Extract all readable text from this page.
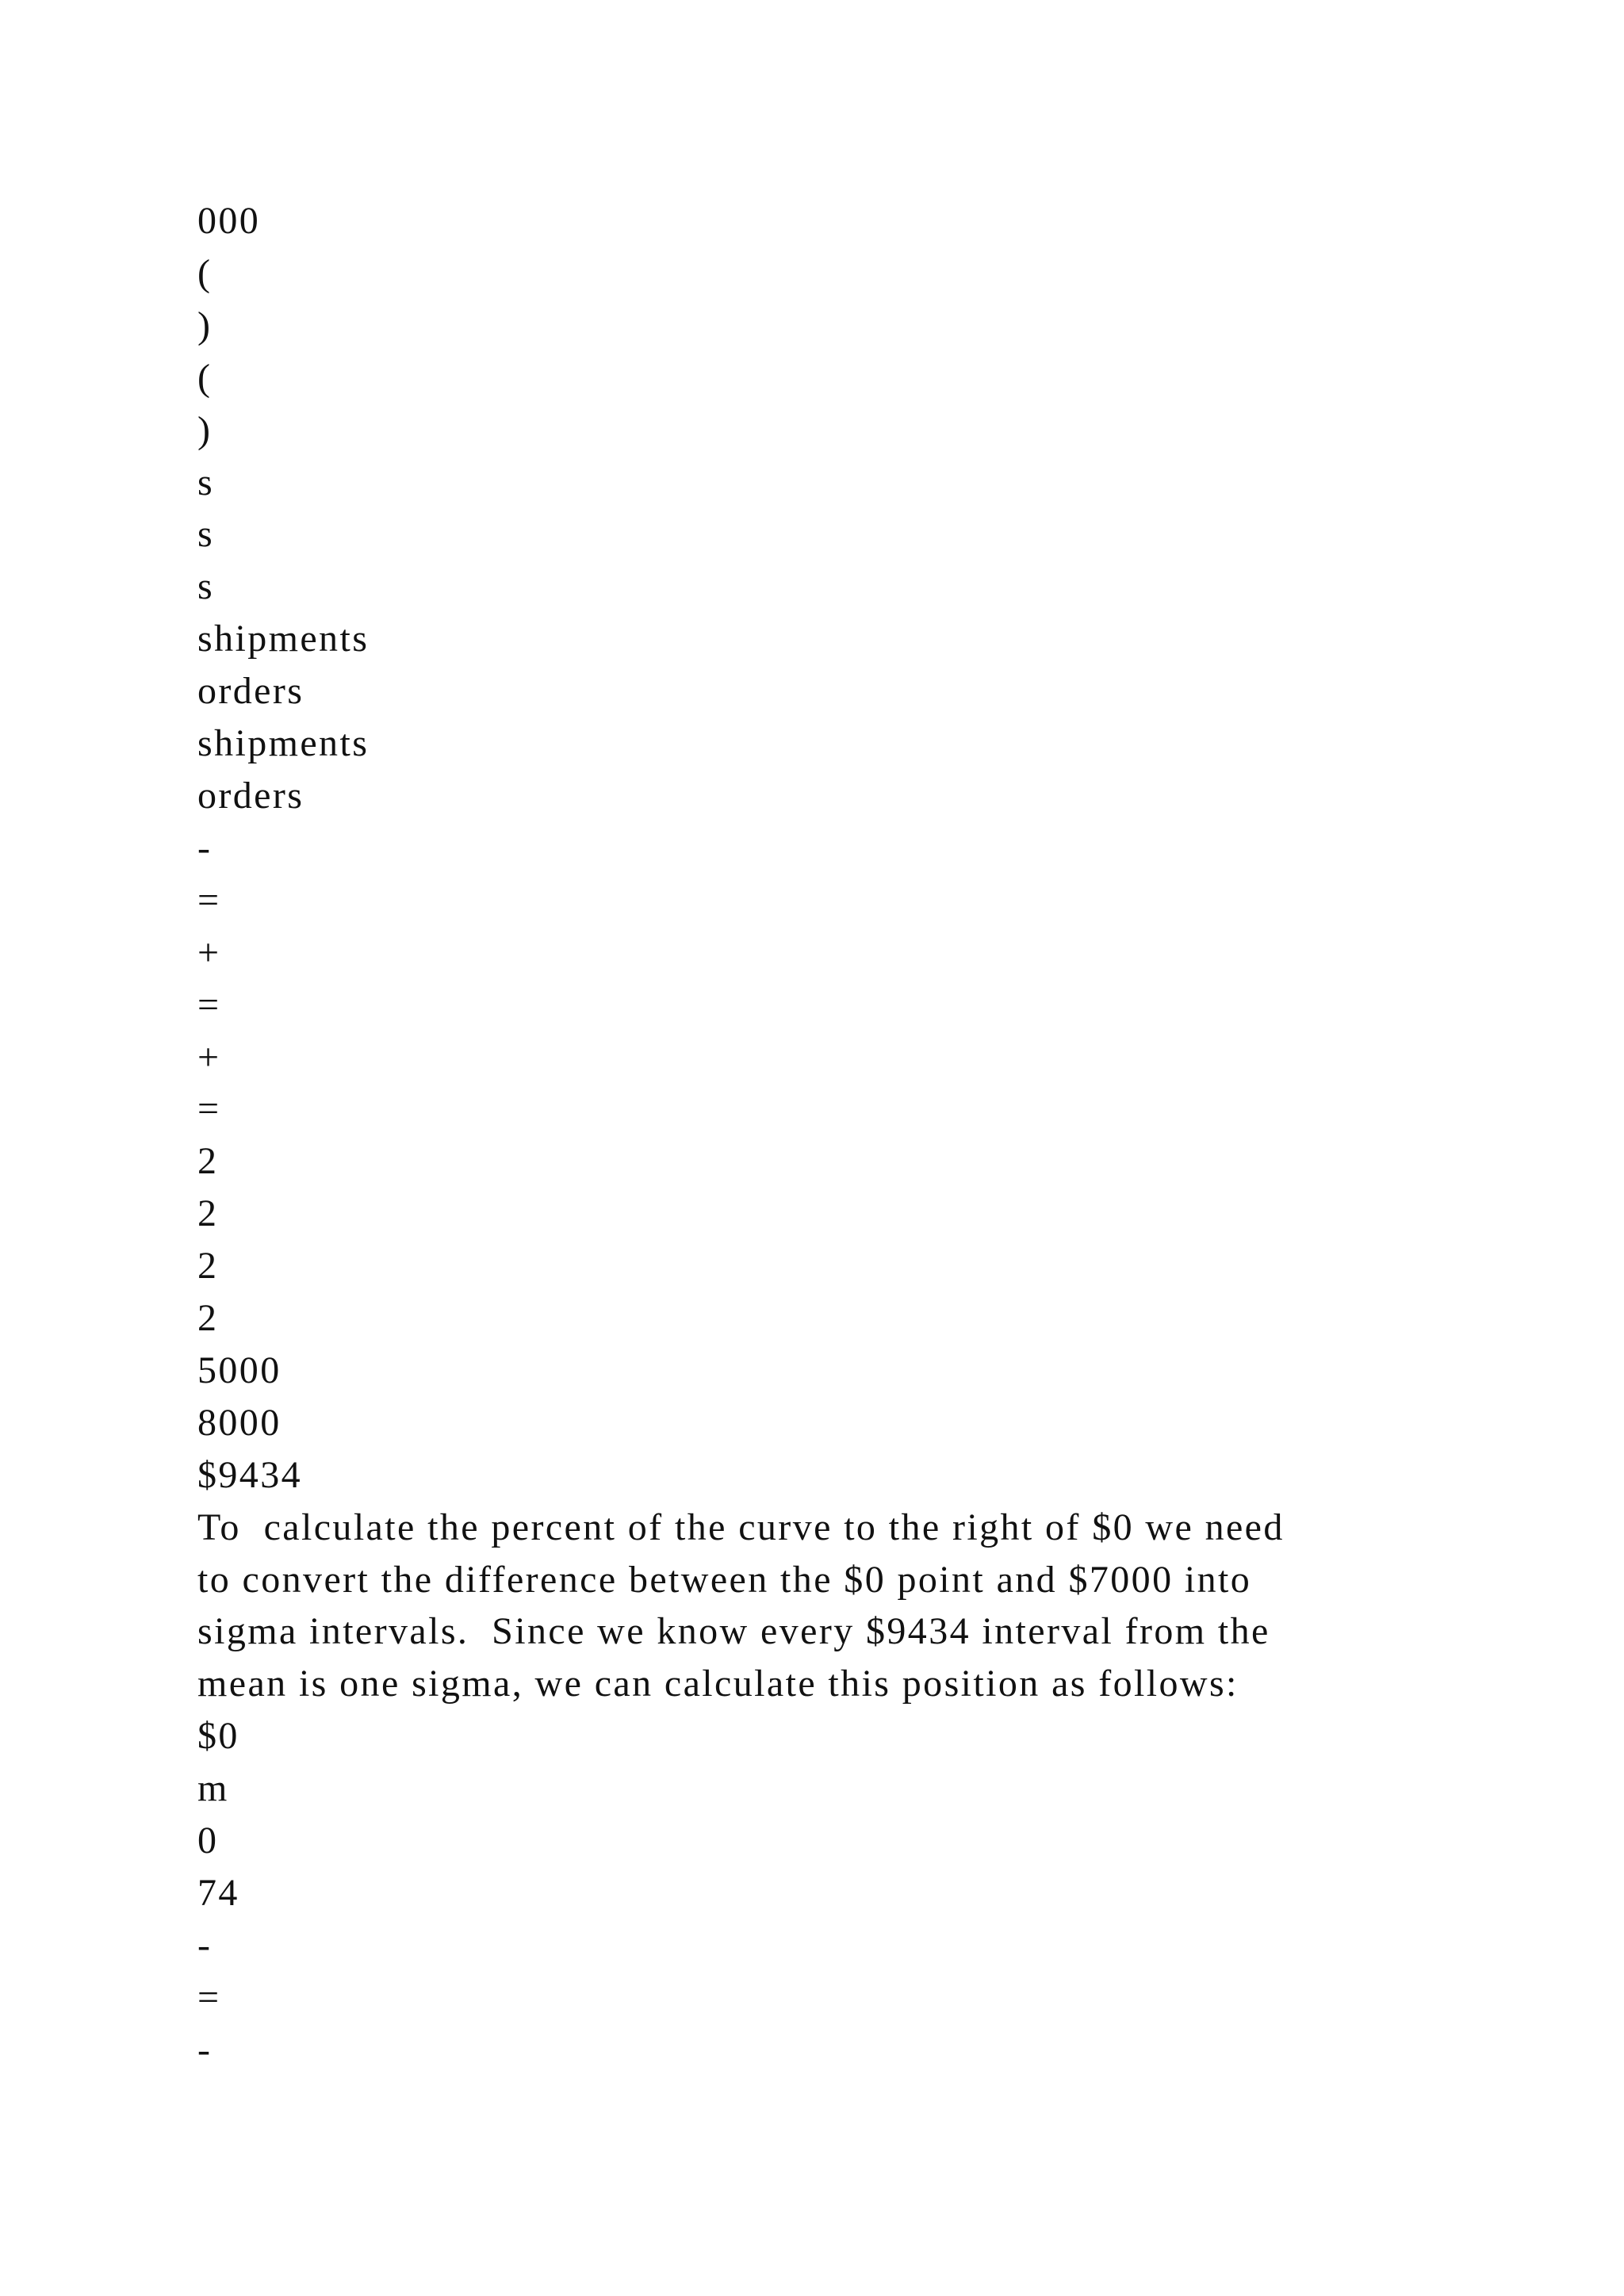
000
(
)
(
)
s
s
s
shipments
orders
shipments
orders
-
=
+
=
+
=
2
2
2
2
5000
8000
$9434
To  calculate the percent of the curve to the right of $0 we need
to convert the difference between the $0 point and $7000 into
sigma intervals.  Since we know every $9434 interval from the
mean is one sigma, we can calculate this position as follows:
$0
m
0
74
-
=
-
